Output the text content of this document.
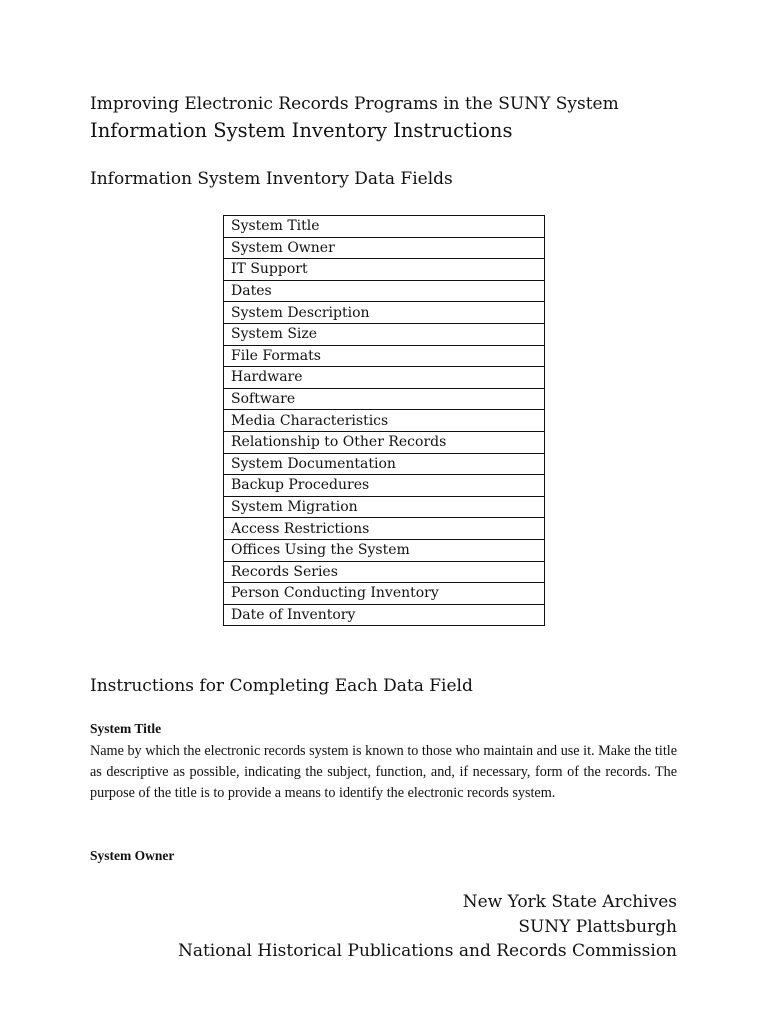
Improving Electronic Records Programs in the SUNY System
Information System Inventory Instructions
Information System Inventory Data Fields
System Title
System Owner
IT Support
Dates
System Description
System Size
File Formats
Hardware
Software
Media Characteristics
Relationship to Other Records
System Documentation
Backup Procedures
System Migration
Access Restrictions
Offices Using the System
Records Series
Person Conducting Inventory
Date of Inventory
Instructions for Completing Each Data Field
System Title
Name by which the electronic records system is known to those who maintain and use it. Make the title as descriptive as possible, indicating the subject, function, and, if necessary, form of the records. The purpose of the title is to provide a means to identify the electronic records system.
System Owner
New York State Archives
SUNY Plattsburgh
National Historical Publications and Records Commission
